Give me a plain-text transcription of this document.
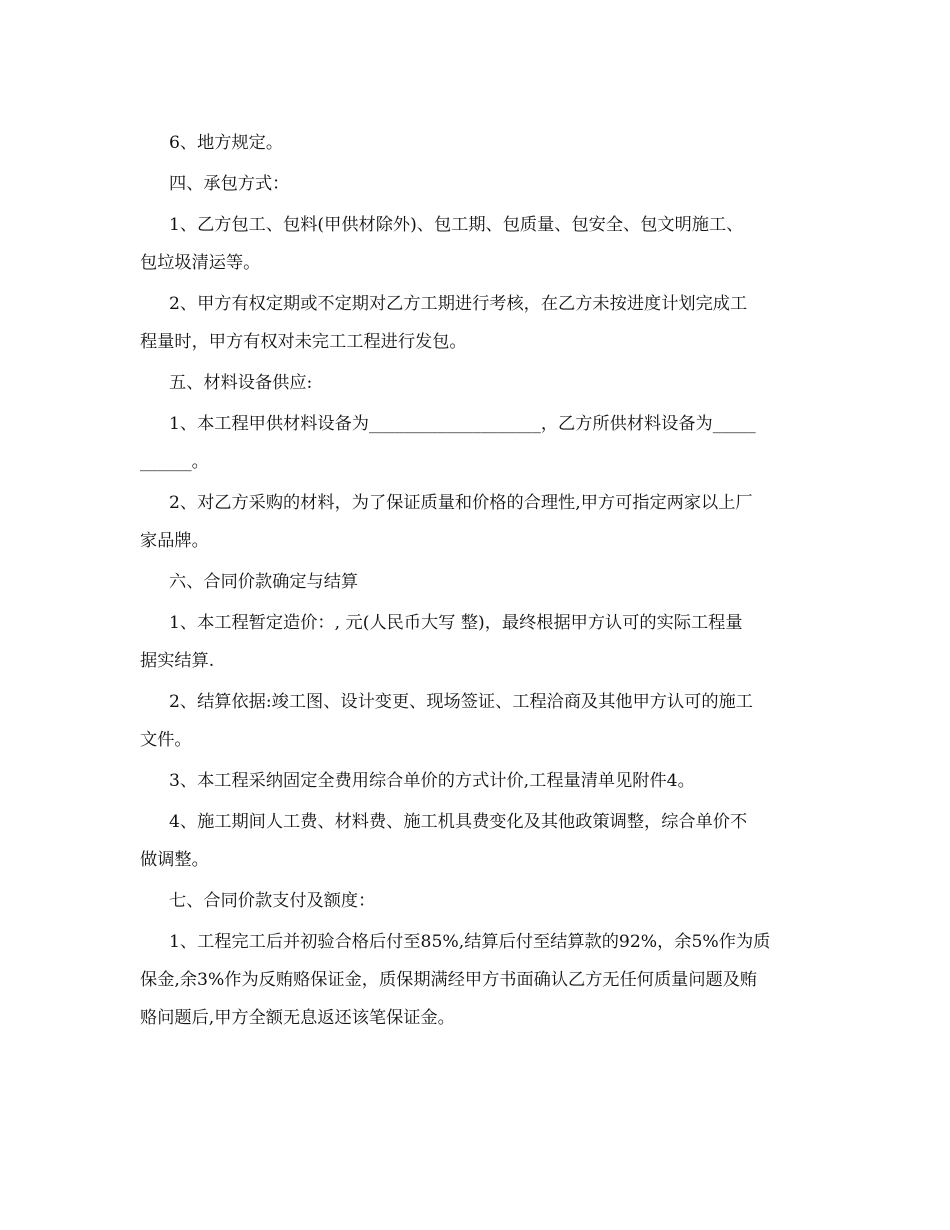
6、地方规定。
四、承包方式：
1、乙方包工、包料(甲供材除外)、包工期、包质量、包安全、包文明施工、
包垃圾清运等。
2、甲方有权定期或不定期对乙方工期进行考核，在乙方未按进度计划完成工
程量时，甲方有权对未完工工程进行发包。
五、材料设备供应:
1、本工程甲供材料设备为____________________，乙方所供材料设备为_____
______。
2、对乙方采购的材料，为了保证质量和价格的合理性,甲方可指定两家以上厂
家品牌。
六、合同价款确定与结算
1、本工程暂定造价：, 元(人民币大写 整)，最终根据甲方认可的实际工程量
据实结算.
2、结算依据:竣工图、设计变更、现场签证、工程洽商及其他甲方认可的施工
文件。
3、本工程采纳固定全费用综合单价的方式计价,工程量清单见附件4。
4、施工期间人工费、材料费、施工机具费变化及其他政策调整，综合单价不
做调整。
七、合同价款支付及额度：
1、工程完工后并初验合格后付至85%,结算后付至结算款的92%，余5%作为质
保金,余3%作为反贿赂保证金，质保期满经甲方书面确认乙方无任何质量问题及贿
赂问题后,甲方全额无息返还该笔保证金。
